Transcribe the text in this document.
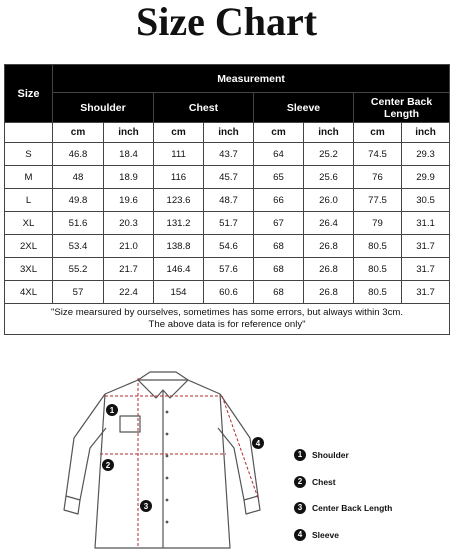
Size Chart
Size	Measurement							
	Shoulder		Chest		Sleeve		Center Back Length	
	cm	inch	cm	inch	cm	inch	cm	inch
S	46.8	18.4	111	43.7	64	25.2	74.5	29.3
M	48	18.9	116	45.7	65	25.6	76	29.9
L	49.8	19.6	123.6	48.7	66	26.0	77.5	30.5
XL	51.6	20.3	131.2	51.7	67	26.4	79	31.1
2XL	53.4	21.0	138.8	54.6	68	26.8	80.5	31.7
3XL	55.2	21.7	146.4	57.6	68	26.8	80.5	31.7
4XL	57	22.4	154	60.6	68	26.8	80.5	31.7

"Size mearsured by ourselves, sometimes has some errors, but always within 3cm.
The above data is for reference only"								
1
2
3
4
1	Shoulder
2	Chest
3	Center Back Length
4	Sleeve
